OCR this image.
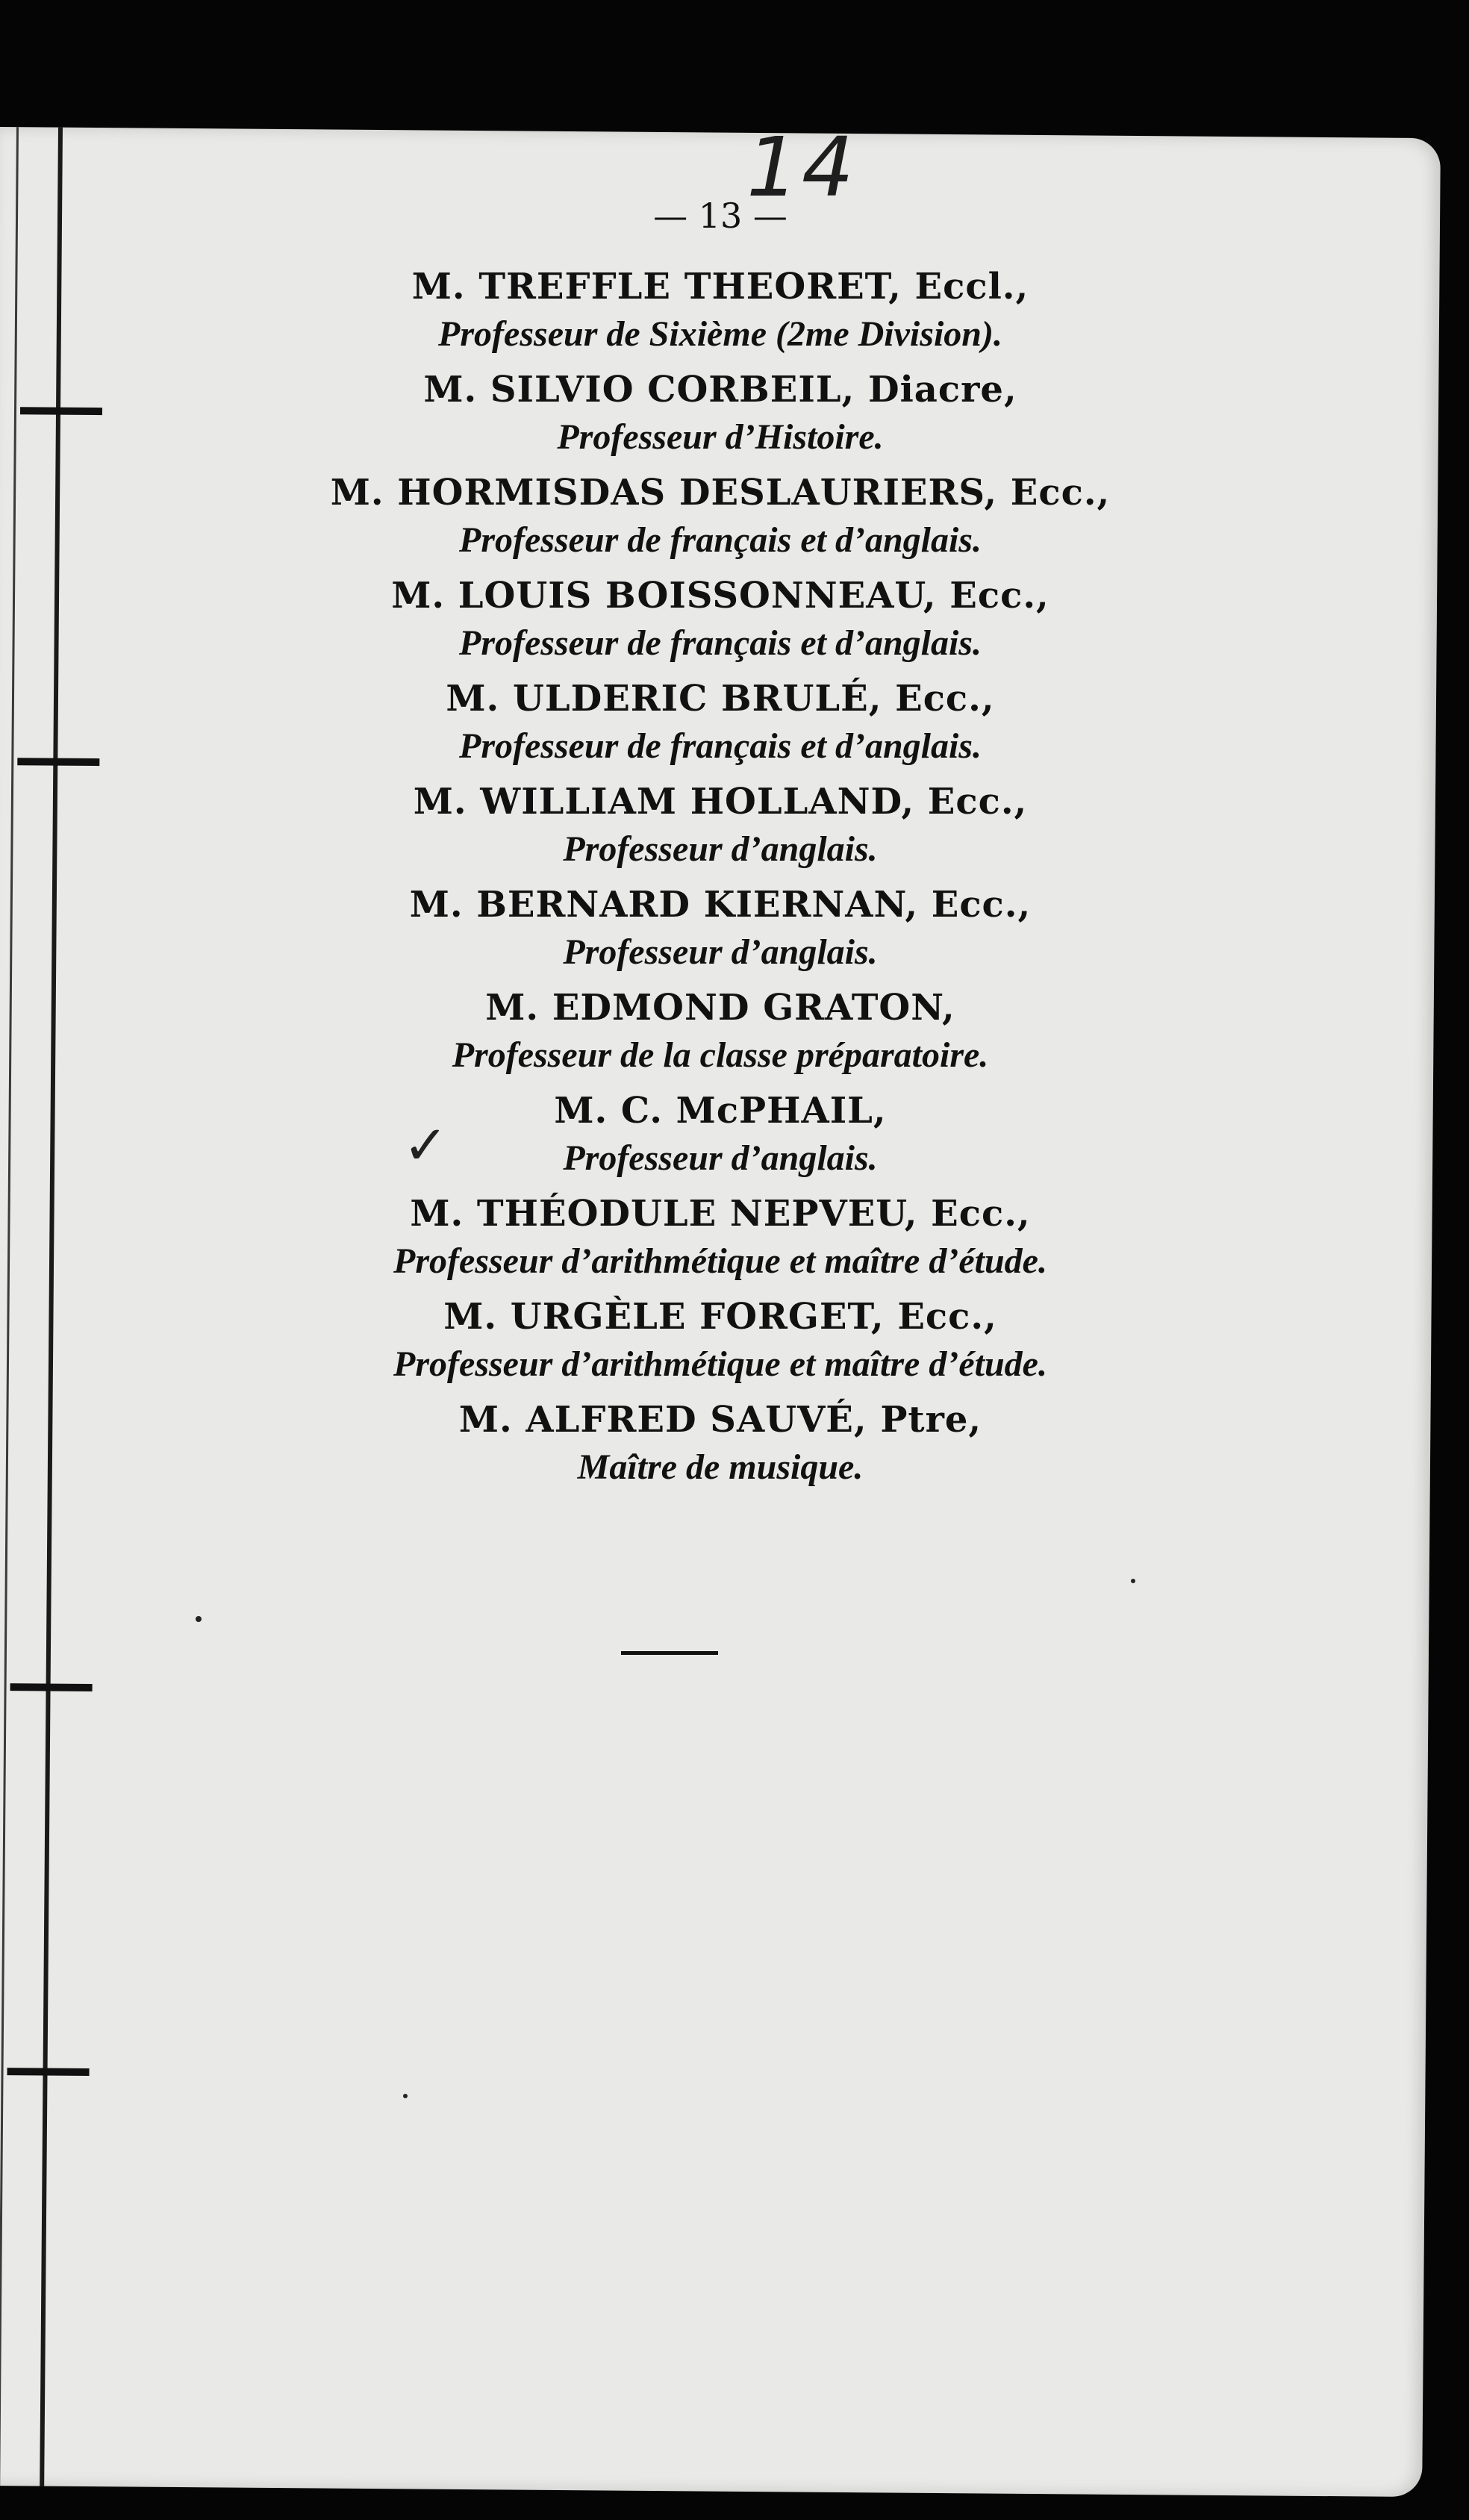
14
— 13 —
✓
M. TREFFLE THEORET, Eccl.,
Professeur de Sixième (2me Division).
M. SILVIO CORBEIL, Diacre,
Professeur d’Histoire.
M. HORMISDAS DESLAURIERS, Ecc.,
Professeur de français et d’anglais.
M. LOUIS BOISSONNEAU, Ecc.,
Professeur de français et d’anglais.
M. ULDERIC BRULÉ, Ecc.,
Professeur de français et d’anglais.
M. WILLIAM HOLLAND, Ecc.,
Professeur d’anglais.
M. BERNARD KIERNAN, Ecc.,
Professeur d’anglais.
M. EDMOND GRATON,
Professeur de la classe préparatoire.
M. C. McPHAIL,
Professeur d’anglais.
M. THÉODULE NEPVEU, Ecc.,
Professeur d’arithmétique et maître d’étude.
M. URGÈLE FORGET, Ecc.,
Professeur d’arithmétique et maître d’étude.
M. ALFRED SAUVÉ, Ptre,
Maître de musique.
